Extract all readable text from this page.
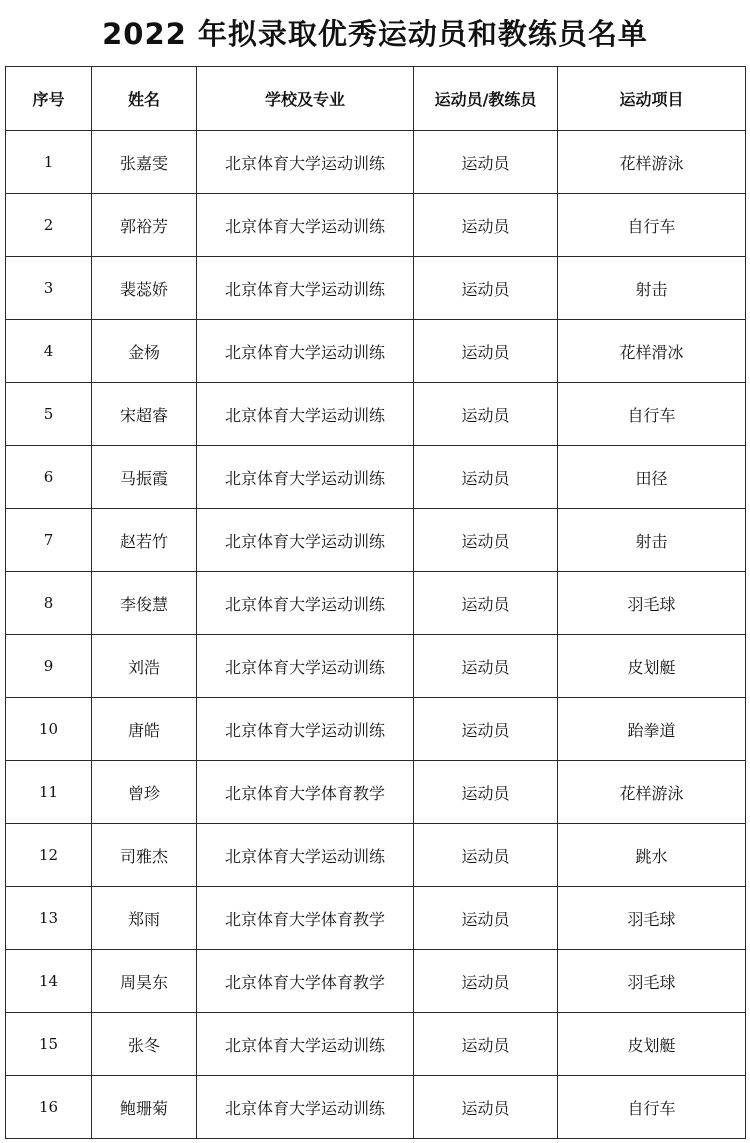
2022 年拟录取优秀运动员和教练员名单
序号	姓名	学校及专业	运动员/教练员	运动项目
1	张嘉雯	北京体育大学运动训练	运动员	花样游泳
2	郭裕芳	北京体育大学运动训练	运动员	自行车
3	裴蕊娇	北京体育大学运动训练	运动员	射击
4	金杨	北京体育大学运动训练	运动员	花样滑冰
5	宋超睿	北京体育大学运动训练	运动员	自行车
6	马振霞	北京体育大学运动训练	运动员	田径
7	赵若竹	北京体育大学运动训练	运动员	射击
8	李俊慧	北京体育大学运动训练	运动员	羽毛球
9	刘浩	北京体育大学运动训练	运动员	皮划艇
10	唐皓	北京体育大学运动训练	运动员	跆拳道
11	曾珍	北京体育大学体育教学	运动员	花样游泳
12	司雅杰	北京体育大学运动训练	运动员	跳水
13	郑雨	北京体育大学体育教学	运动员	羽毛球
14	周昊东	北京体育大学体育教学	运动员	羽毛球
15	张冬	北京体育大学运动训练	运动员	皮划艇
16	鲍珊菊	北京体育大学运动训练	运动员	自行车
